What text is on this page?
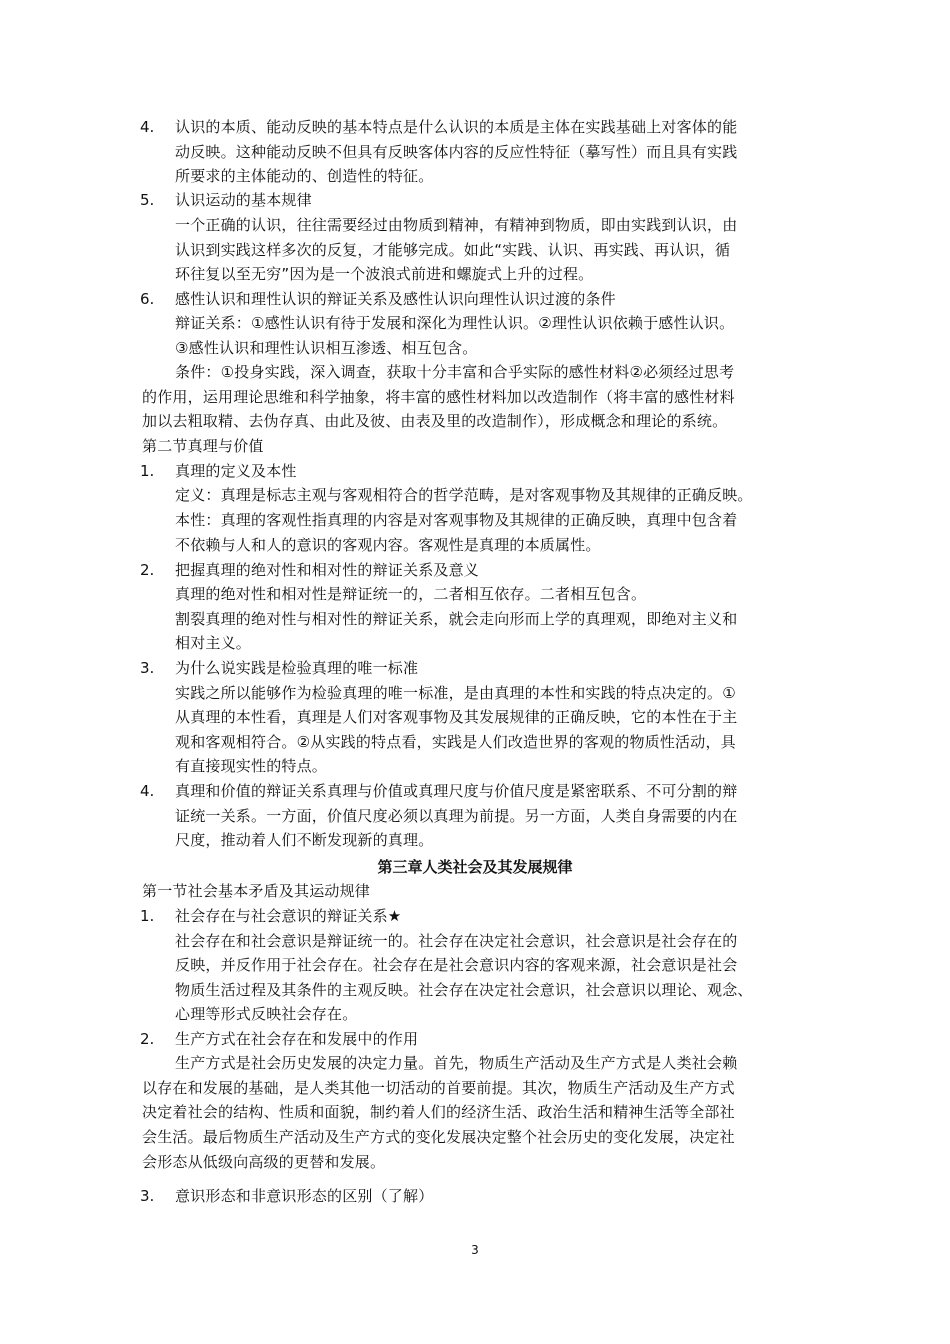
4. 认识的本质、能动反映的基本特点是什么认识的本质是主体在实践基础上对客体的能
动反映。这种能动反映不但具有反映客体内容的反应性特征（摹写性）而且具有实践
所要求的主体能动的、创造性的特征。
5. 认识运动的基本规律
一个正确的认识，往往需要经过由物质到精神，有精神到物质，即由实践到认识，由
认识到实践这样多次的反复，才能够完成。如此“实践、认识、再实践、再认识，循
环往复以至无穷”因为是一个波浪式前进和螺旋式上升的过程。
6. 感性认识和理性认识的辩证关系及感性认识向理性认识过渡的条件
辩证关系：①感性认识有待于发展和深化为理性认识。②理性认识依赖于感性认识。
③感性认识和理性认识相互渗透、相互包含。
条件：①投身实践，深入调查，获取十分丰富和合乎实际的感性材料②必须经过思考
的作用，运用理论思维和科学抽象，将丰富的感性材料加以改造制作（将丰富的感性材料
加以去粗取精、去伪存真、由此及彼、由表及里的改造制作），形成概念和理论的系统。
第二节真理与价值
1. 真理的定义及本性
定义：真理是标志主观与客观相符合的哲学范畴，是对客观事物及其规律的正确反映。
本性：真理的客观性指真理的内容是对客观事物及其规律的正确反映，真理中包含着
不依赖与人和人的意识的客观内容。客观性是真理的本质属性。
2. 把握真理的绝对性和相对性的辩证关系及意义
真理的绝对性和相对性是辩证统一的，二者相互依存。二者相互包含。
割裂真理的绝对性与相对性的辩证关系，就会走向形而上学的真理观，即绝对主义和
相对主义。
3. 为什么说实践是检验真理的唯一标准
实践之所以能够作为检验真理的唯一标准，是由真理的本性和实践的特点决定的。①
从真理的本性看，真理是人们对客观事物及其发展规律的正确反映，它的本性在于主
观和客观相符合。②从实践的特点看，实践是人们改造世界的客观的物质性活动，具
有直接现实性的特点。
4. 真理和价值的辩证关系真理与价值或真理尺度与价值尺度是紧密联系、不可分割的辩
证统一关系。一方面，价值尺度必须以真理为前提。另一方面，人类自身需要的内在
尺度，推动着人们不断发现新的真理。
第三章人类社会及其发展规律
第一节社会基本矛盾及其运动规律
1. 社会存在与社会意识的辩证关系★
社会存在和社会意识是辩证统一的。社会存在决定社会意识，社会意识是社会存在的
反映，并反作用于社会存在。社会存在是社会意识内容的客观来源，社会意识是社会
物质生活过程及其条件的主观反映。社会存在决定社会意识，社会意识以理论、观念、
心理等形式反映社会存在。
2. 生产方式在社会存在和发展中的作用
生产方式是社会历史发展的决定力量。首先，物质生产活动及生产方式是人类社会赖
以存在和发展的基础，是人类其他一切活动的首要前提。其次，物质生产活动及生产方式
决定着社会的结构、性质和面貌，制约着人们的经济生活、政治生活和精神生活等全部社
会生活。最后物质生产活动及生产方式的变化发展决定整个社会历史的变化发展，决定社
会形态从低级向高级的更替和发展。
3. 意识形态和非意识形态的区别（了解）
3
